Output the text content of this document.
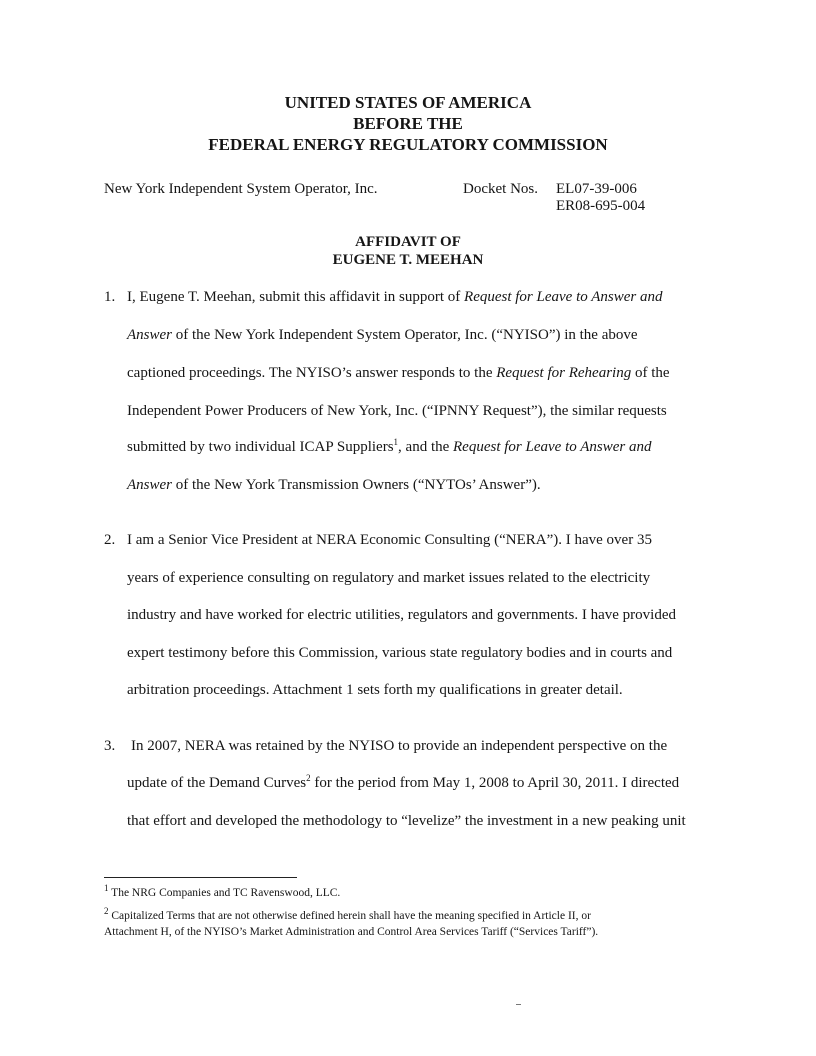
UNITED STATES OF AMERICA
BEFORE THE
FEDERAL ENERGY REGULATORY COMMISSION
New York Independent System Operator, Inc.	Docket Nos. EL07-39-006
ER08-695-004
AFFIDAVIT OF
EUGENE T. MEEHAN
1. I, Eugene T. Meehan, submit this affidavit in support of Request for Leave to Answer and
Answer of the New York Independent System Operator, Inc. (“NYISO”) in the above
captioned proceedings. The NYISO’s answer responds to the Request for Rehearing of the
Independent Power Producers of New York, Inc. (“IPNNY Request”), the similar requests
submitted by two individual ICAP Suppliers$^1$, and the Request for Leave to Answer and
Answer of the New York Transmission Owners (“NYTOs’ Answer”).
2. I am a Senior Vice President at NERA Economic Consulting (“NERA”). I have over 35
years of experience consulting on regulatory and market issues related to the electricity
industry and have worked for electric utilities, regulators and governments. I have provided
expert testimony before this Commission, various state regulatory bodies and in courts and
arbitration proceedings. Attachment 1 sets forth my qualifications in greater detail.
3. In 2007, NERA was retained by the NYISO to provide an independent perspective on the
update of the Demand Curves$^2$ for the period from May 1, 2008 to April 30, 2011. I directed
that effort and developed the methodology to “levelize” the investment in a new peaking unit
$^1$ The NRG Companies and TC Ravenswood, LLC.
$^2$ Capitalized Terms that are not otherwise defined herein shall have the meaning specified in Article II, or
Attachment H, of the NYISO’s Market Administration and Control Area Services Tariff (“Services Tariff”).
